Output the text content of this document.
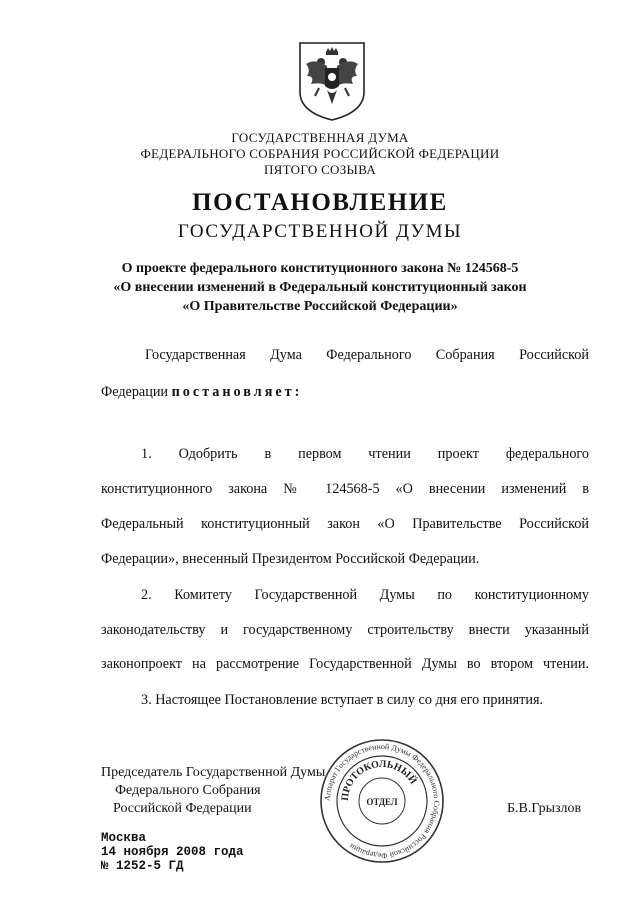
ГОСУДАРСТВЕННАЯ ДУМА
ФЕДЕРАЛЬНОГО СОБРАНИЯ РОССИЙСКОЙ ФЕДЕРАЦИИ
ПЯТОГО СОЗЫВА
ПОСТАНОВЛЕНИЕ
ГОСУДАРСТВЕННОЙ ДУМЫ
О проекте федерального конституционного закона № 124568-5
«О внесении изменений в Федеральный конституционный закон
«О Правительстве Российской Федерации»
Государственная Дума Федерального Собрания Российской
Федерации постановляет:
1. Одобрить в первом чтении проект федерального
конституционного закона № 124568-5 «О внесении изменений в
Федеральный конституционный закон «О Правительстве Российской
Федерации», внесенный Президентом Российской Федерации.
2. Комитету Государственной Думы по конституционному
законодательству и государственному строительству внести указанный
законопроект на рассмотрение Государственной Думы во втором чтении.
3. Настоящее Постановление вступает в силу со дня его принятия.
Аппарат Государственной Думы Федерального Собрания Российской Федерации
ПРОТОКОЛЬНЫЙ
ОТДЕЛ
Председатель Государственной Думы
Федерального Собрания
Российской Федерации	Б.В.Грызлов
Москва
14 ноября 2008 года
№ 1252-5 ГД
